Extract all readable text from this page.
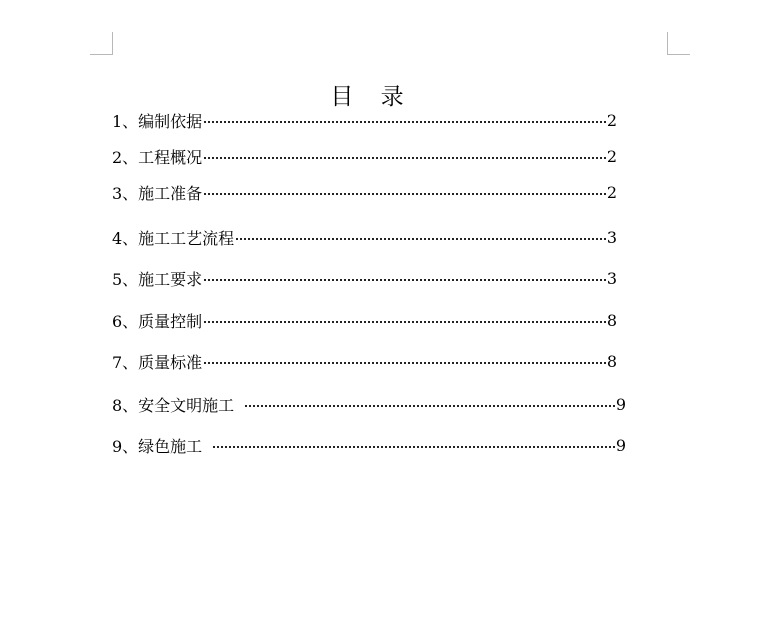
目 录
1、编制依据	2
2、工程概况	2
3、施工准备	2
4、施工工艺流程	3
5、施工要求	3
6、质量控制	8
7、质量标准	8
8、安全文明施工	9
9、绿色施工	9
